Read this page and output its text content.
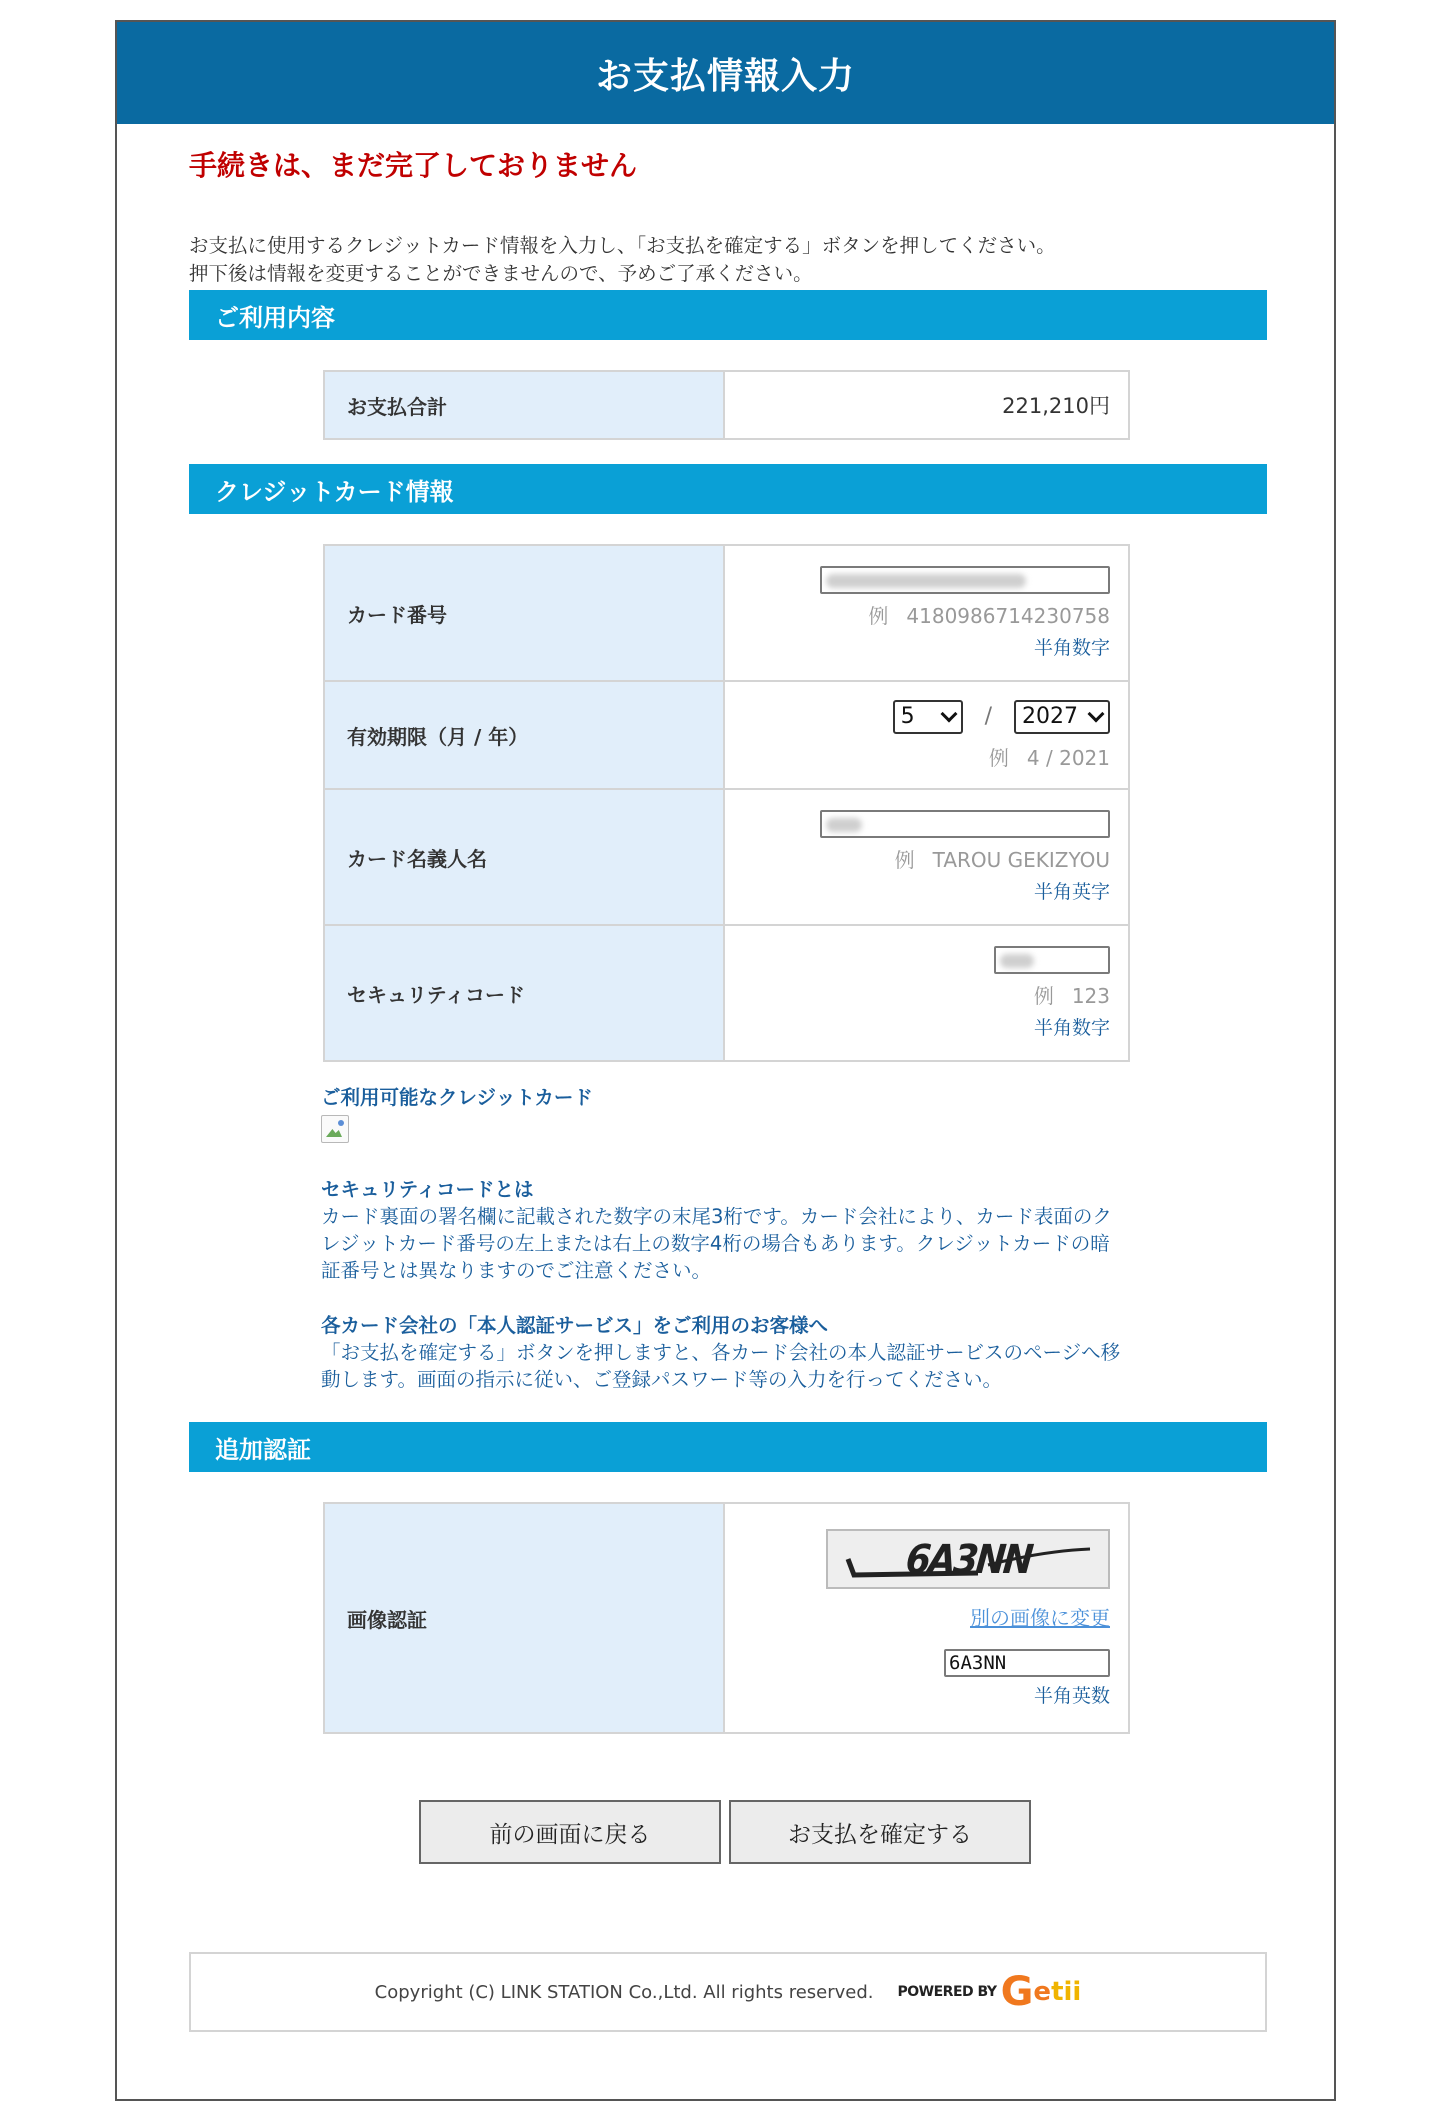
お支払情報入力
手続きは、まだ完了しておりません
お支払に使用するクレジットカード情報を入力し、「お支払を確定する」ボタンを押してください。
押下後は情報を変更することができませんので、予めご了承ください。
ご利用内容
お支払合計	221,210円
クレジットカード情報
カード番号	例 4180986714230758
半角数字

有効期限（月 / 年）	5 / 2027
例 4 / 2021

カード名義人名	例 TAROU GEKIZYOU
半角英字

セキュリティコード	例 123
半角数字
ご利用可能なクレジットカード
セキュリティコードとは
カード裏面の署名欄に記載された数字の末尾3桁です。カード会社により、カード表面のク
レジットカード番号の左上または右上の数字4桁の場合もあります。クレジットカードの暗
証番号とは異なりますのでご注意ください。
各カード会社の「本人認証サービス」をご利用のお客様へ
「お支払を確定する」ボタンを押しますと、各カード会社の本人認証サービスのページへ移
動します。画面の指示に従い、ご登録パスワード等の入力を行ってください。
追加認証
画像認証	
6A3NN
別の画像に変更
6A3NN
半角英数
前の画面に戻る	お支払を確定する
Copyright (C) LINK STATION Co.,Ltd. All rights reserved. POWERED BY G e tii
